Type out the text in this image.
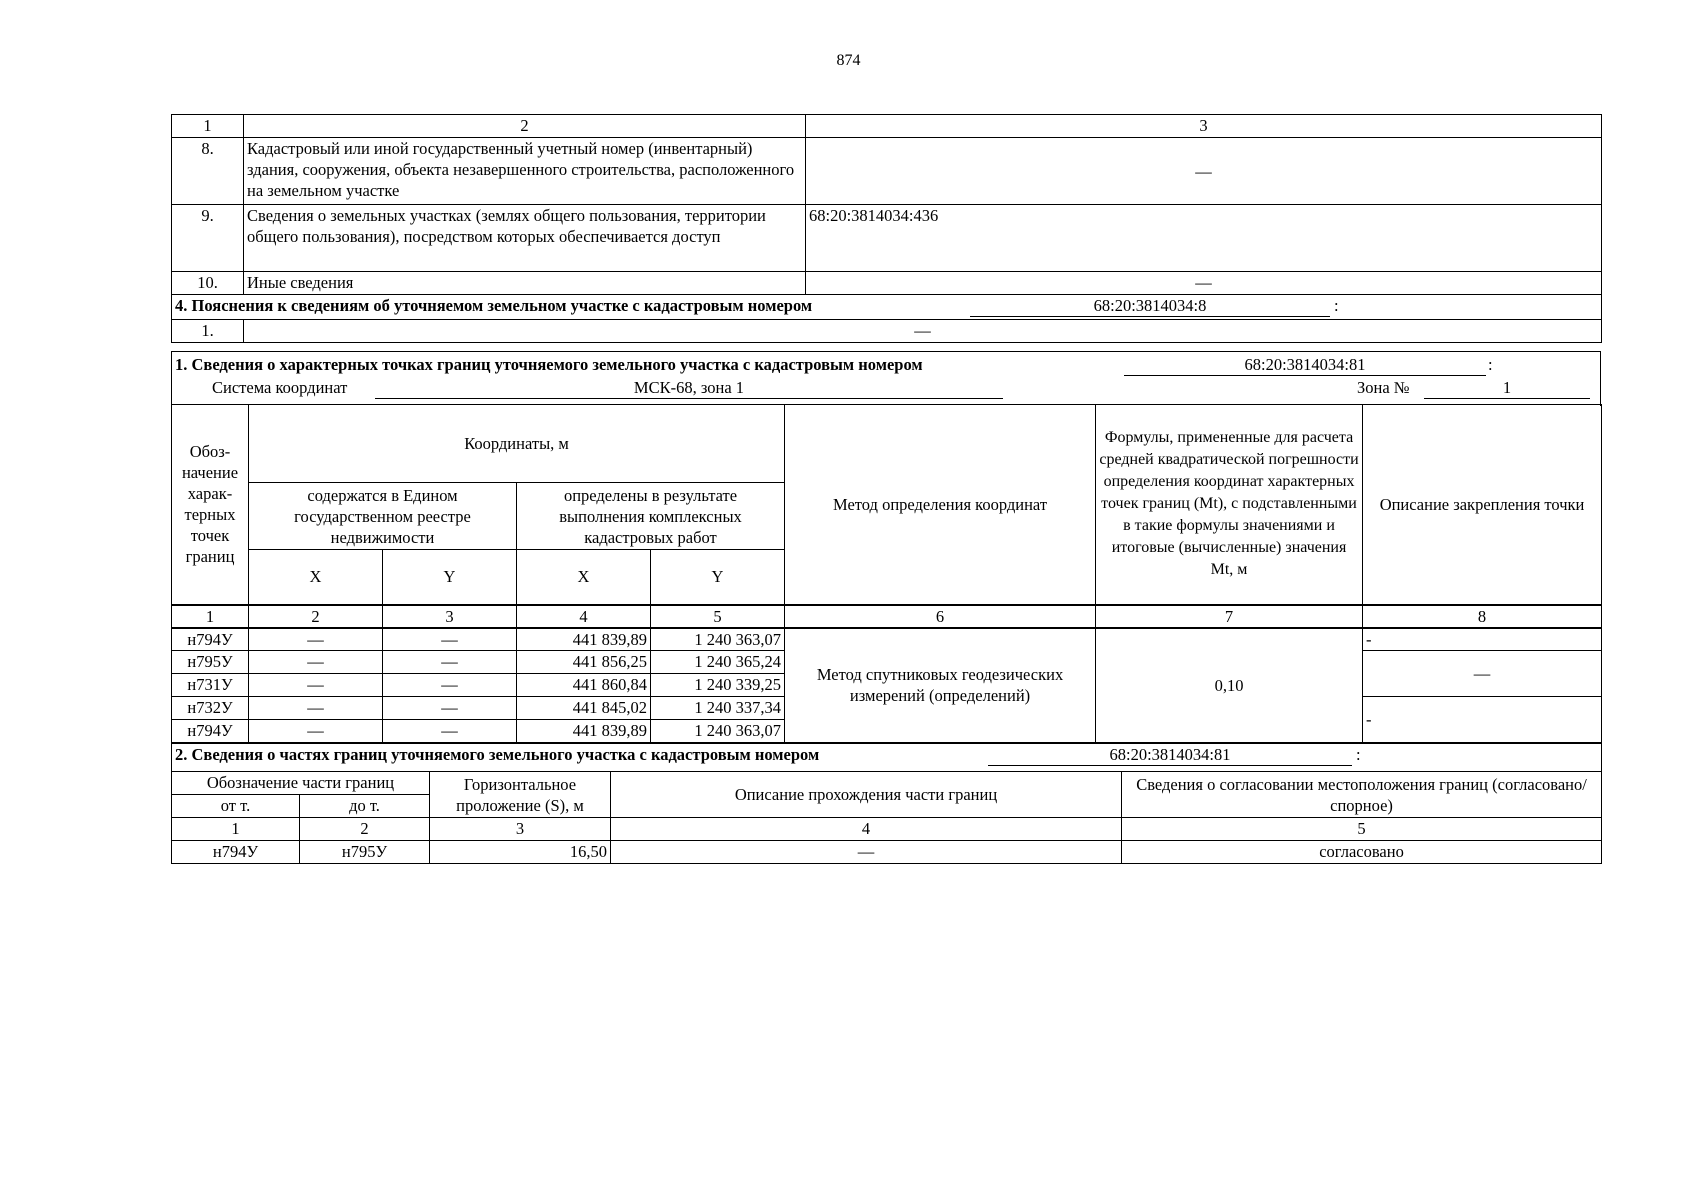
874
1	2	3
8.	Кадастровый или иной государственный учетный номер (инвентарный) здания, сооружения, объекта незавершенного строительства, расположенного на земельном участке	—
9.	Сведения о земельных участках (землях общего пользования, территории общего пользования), посредством которых обеспечивается доступ	68:20:3814034:436
10.	Иные сведения	—
4. Пояснения к сведениям об уточняемом земельном участке с кадастровым номером 68:20:3814034:8 :		

1.	—	
1. Сведения о характерных точках границ уточняемого земельного участка с кадастровым номером	68:20:3814034:81	:
Система координат	МСК-68, зона 1	Зона №	1
Обоз-начение харак-терных точек границ	Координаты, м				Метод определения координат	Формулы, примененные для расчета средней квадратической погрешности определения координат характерных точек границ (Mt), с подставленными в такие формулы значениями и итоговые (вычисленные) значения Mt, м	Описание закрепления точки
	содержатся в Едином государственном реестре недвижимости		определены в результате выполнения комплексных кадастровых работ				
	X	Y	X	Y			
1	2	3	4	5	6	7	8
н794У	—	—	441 839,89	1 240 363,07	Метод спутниковых геодезических измерений (определений)	0,10	-
н795У	—	—	441 856,25	1 240 365,24			—
н731У	—	—	441 860,84	1 240 339,25			
н732У	—	—	441 845,02	1 240 337,34			-
н794У	—	—	441 839,89	1 240 363,07			
2. Сведения о частях границ уточняемого земельного участка с кадастровым номером 68:20:3814034:81 :				

Обозначение части границ		Горизонтальное проложение (S), м	Описание прохождения части границ	Сведения о согласовании местоположения границ (согласовано/спорное)
от т.	до т.			
1	2	3	4	5
н794У	н795У	16,50	—	согласовано
